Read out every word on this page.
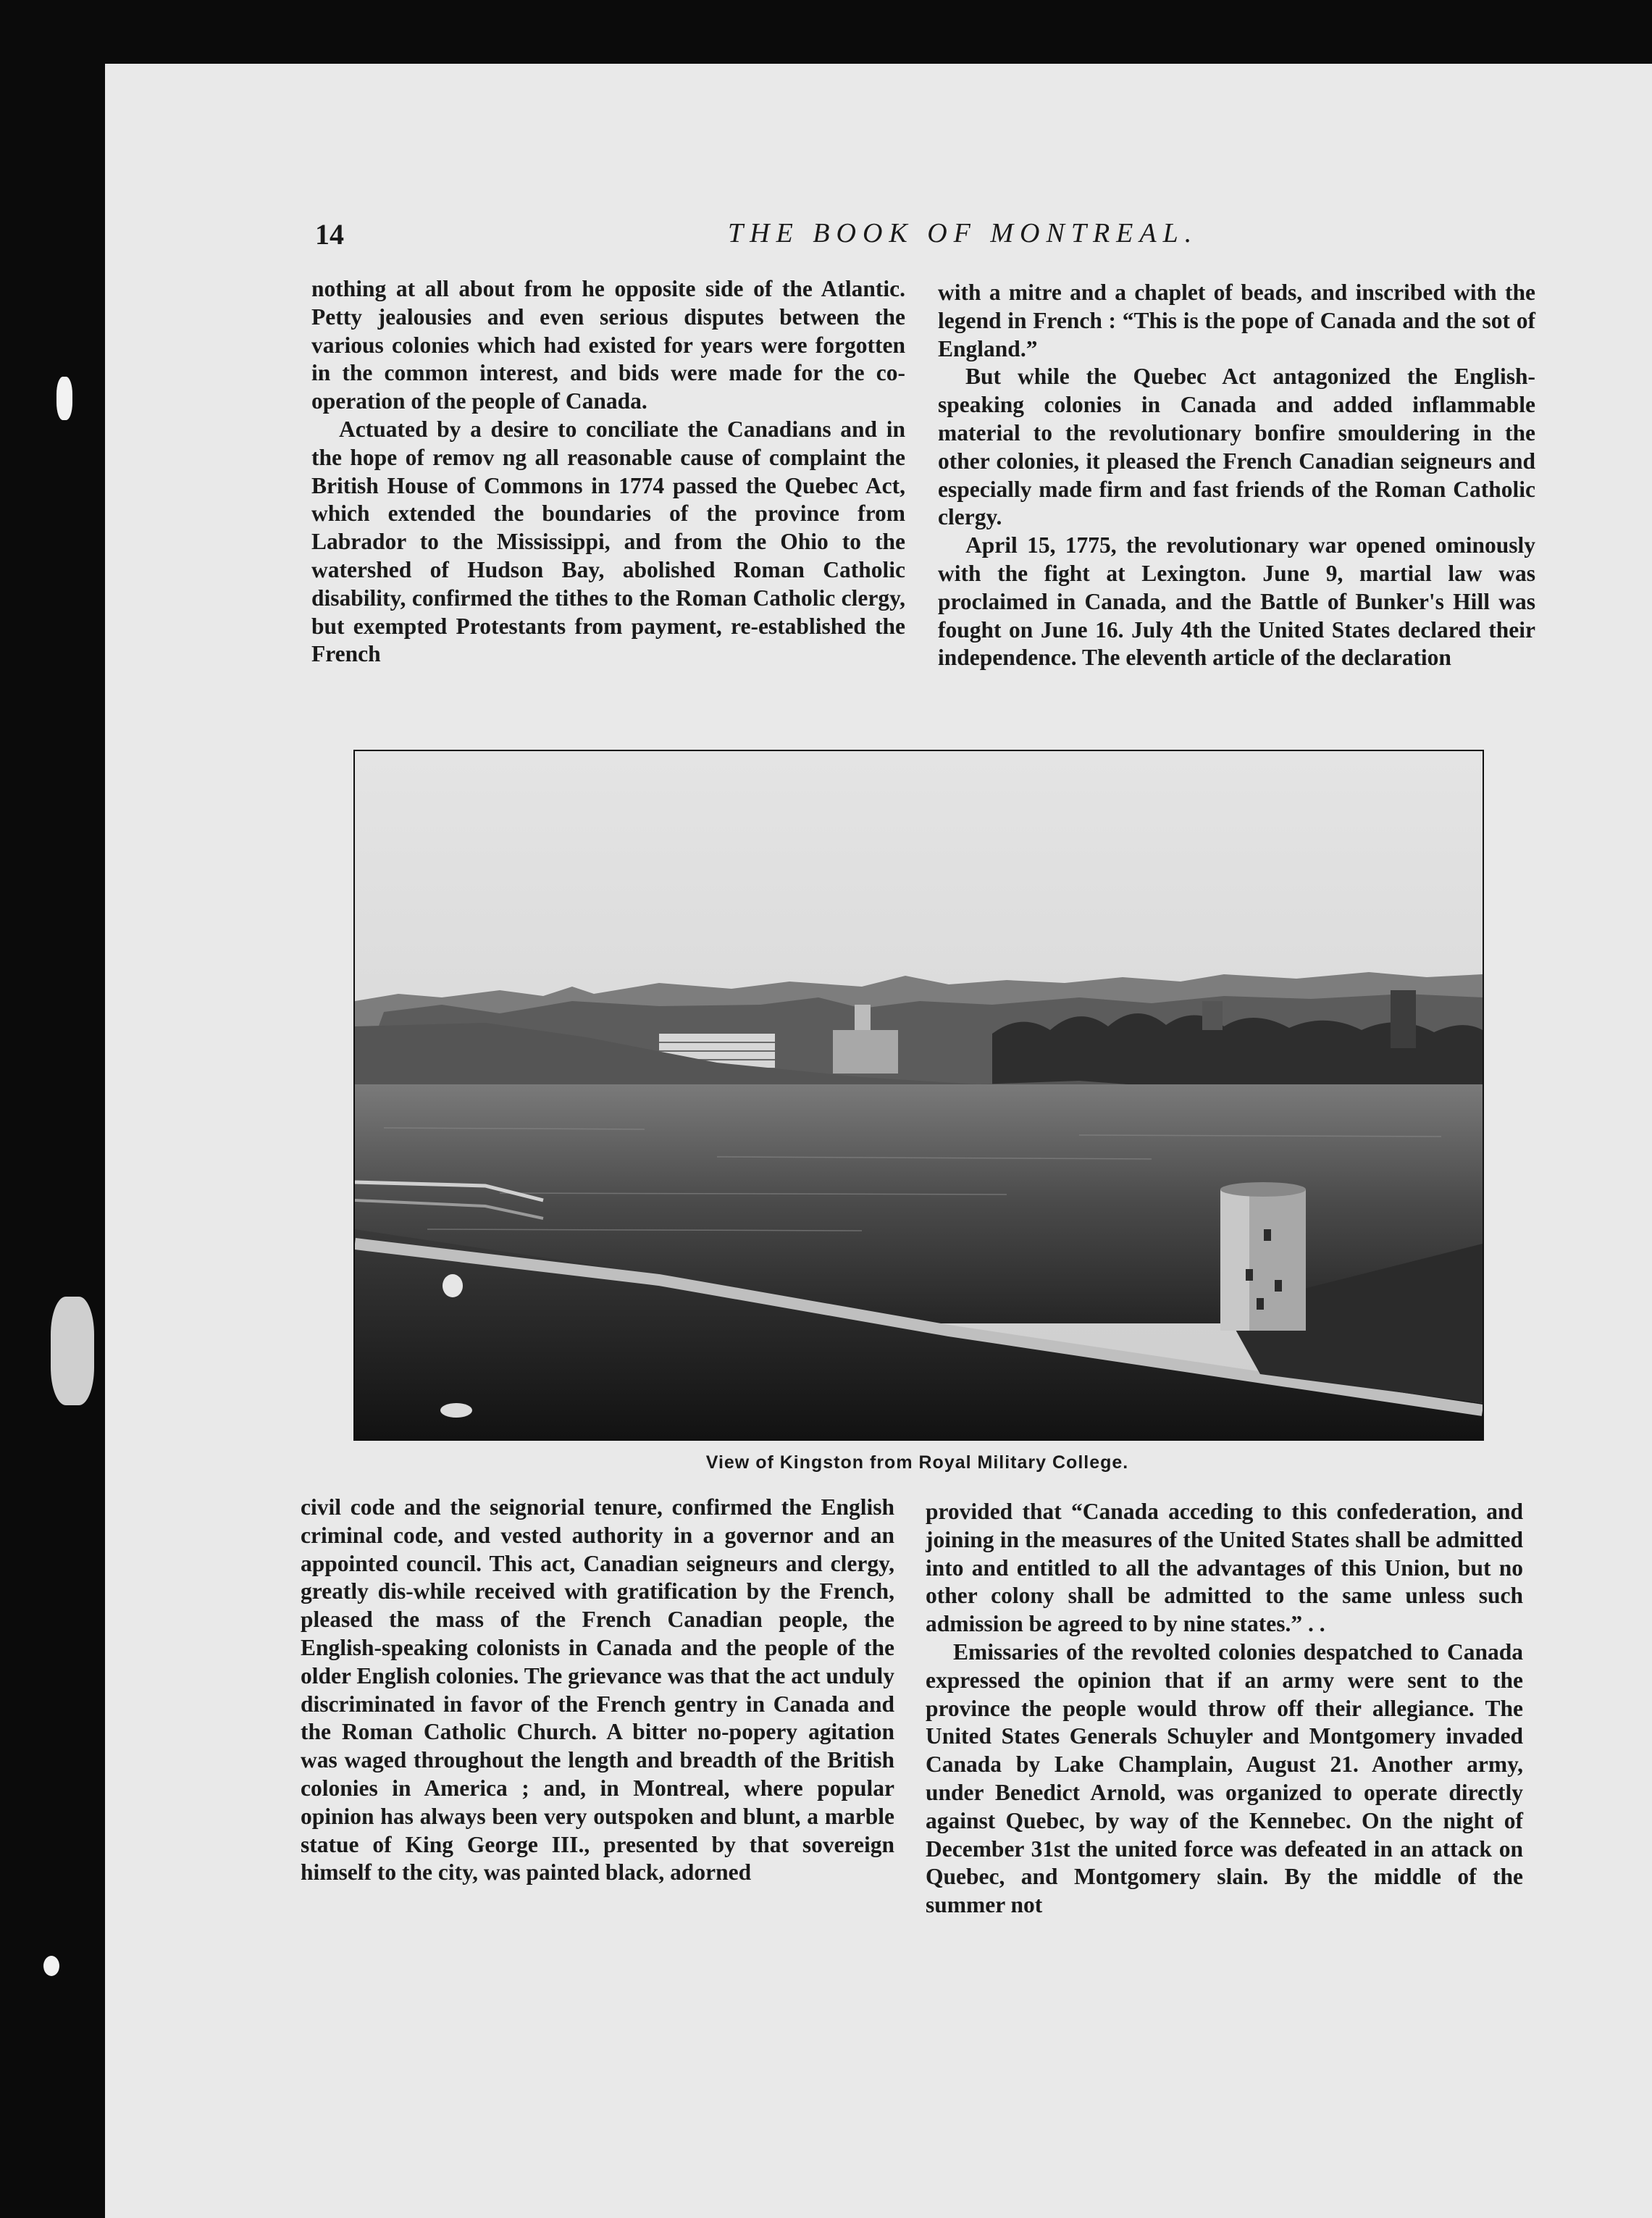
14	THE BOOK OF MONTREAL.

nothing at all about from he opposite side of the Atlantic. Petty jealousies and even serious disputes between the various colonies which had existed for years were forgotten in the common interest, and bids were made for the co-operation of the people of Canada.

Actuated by a desire to conciliate the Canadians and in the hope of remov ng all reasonable cause of complaint the British House of Commons in 1774 passed the Quebec Act, which extended the boundaries of the province from Labrador to the Mississippi, and from the Ohio to the watershed of Hudson Bay, abolished Roman Catholic disability, confirmed the tithes to the Roman Catholic clergy, but exempted Protestants from payment, re-established the French

with a mitre and a chaplet of beads, and inscribed with the legend in French : “This is the pope of Canada and the sot of England.”

But while the Quebec Act antagonized the English-speaking colonies in Canada and added inflammable material to the revolutionary bonfire smouldering in the other colonies, it pleased the French Canadian seigneurs and especially made firm and fast friends of the Roman Catholic clergy.

April 15, 1775, the revolutionary war opened ominously with the fight at Lexington. June 9, martial law was proclaimed in Canada, and the Battle of Bunker's Hill was fought on June 16. July 4th the United States declared their independence. The eleventh article of the declaration

View of Kingston from Royal Military College.

civil code and the seignorial tenure, confirmed the English criminal code, and vested authority in a governor and an appointed council. This act, Canadian seigneurs and clergy, greatly dis-while received with gratification by the French, pleased the mass of the French Canadian people, the English-speaking colonists in Canada and the people of the older English colonies. The grievance was that the act unduly discriminated in favor of the French gentry in Canada and the Roman Catholic Church. A bitter no-popery agitation was waged throughout the length and breadth of the British colonies in America ; and, in Montreal, where popular opinion has always been very outspoken and blunt, a marble statue of King George III., presented by that sovereign himself to the city, was painted black, adorned

provided that “Canada acceding to this confederation, and joining in the measures of the United States shall be admitted into and entitled to all the advantages of this Union, but no other colony shall be admitted to the same unless such admission be agreed to by nine states.” . .

Emissaries of the revolted colonies despatched to Canada expressed the opinion that if an army were sent to the province the people would throw off their allegiance. The United States Generals Schuyler and Montgomery invaded Canada by Lake Champlain, August 21. Another army, under Benedict Arnold, was organized to operate directly against Quebec, by way of the Kennebec. On the night of December 31st the united force was defeated in an attack on Quebec, and Montgomery slain. By the middle of the summer not
